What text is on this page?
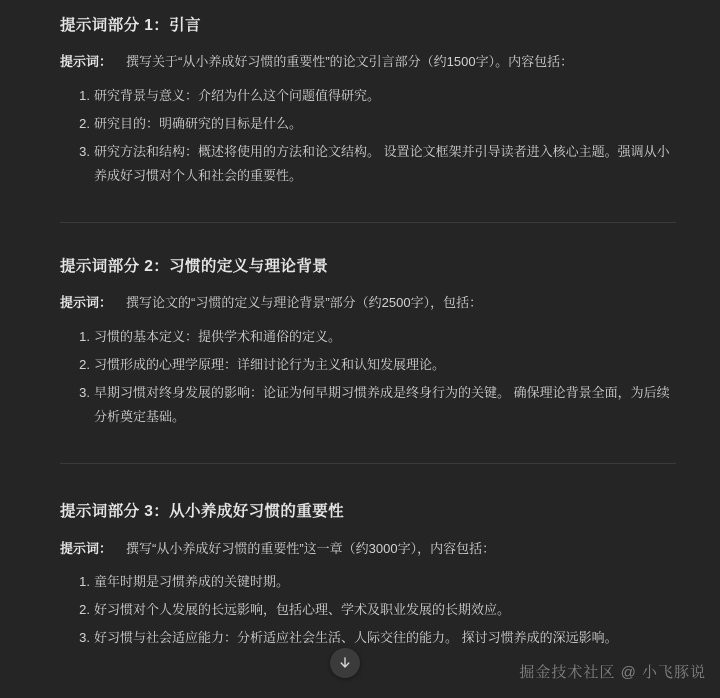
提示词部分 1：引言

提示词： 撰写关于“从小养成好习惯的重要性”的论文引言部分（约1500字）。内容包括：

研究背景与意义：介绍为什么这个问题值得研究。
研究目的：明确研究的目标是什么。
研究方法和结构：概述将使用的方法和论文结构。 设置论文框架并引导读者进入核心主题。强调从小养成好习惯对个人和社会的重要性。
提示词部分 2：习惯的定义与理论背景

提示词： 撰写论文的“习惯的定义与理论背景”部分（约2500字），包括：

习惯的基本定义：提供学术和通俗的定义。
习惯形成的心理学原理：详细讨论行为主义和认知发展理论。
早期习惯对终身发展的影响：论证为何早期习惯养成是终身行为的关键。 确保理论背景全面，为后续分析奠定基础。
提示词部分 3：从小养成好习惯的重要性

提示词： 撰写“从小养成好习惯的重要性”这一章（约3000字），内容包括：

童年时期是习惯养成的关键时期。
好习惯对个人发展的长远影响，包括心理、学术及职业发展的长期效应。
好习惯与社会适应能力：分析适应社会生活、人际交往的能力。 探讨习惯养成的深远影响。
掘金技术社区 @ 小飞豚说
